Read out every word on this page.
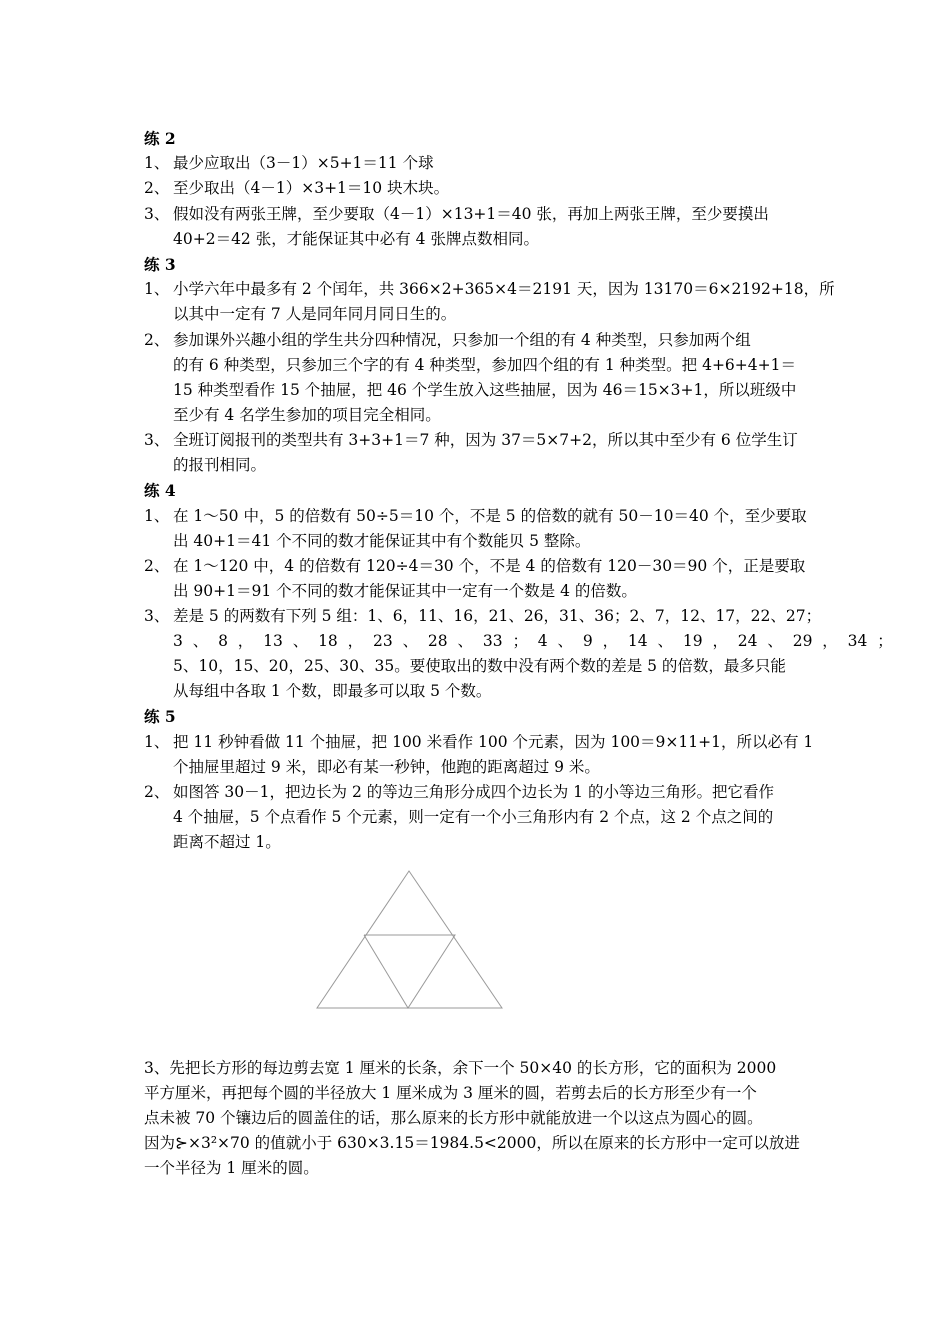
练 2
1、 最少应取出（3－1）×5+1＝11 个球
2、 至少取出（4－1）×3+1＝10 块木块。
3、 假如没有两张王牌，至少要取（4－1）×13+1＝40 张，再加上两张王牌，至少要摸出
40+2＝42 张，才能保证其中必有 4 张牌点数相同。
练 3
1、 小学六年中最多有 2 个闰年，共 366×2+365×4＝2191 天，因为 13170＝6×2192+18，所
以其中一定有 7 人是同年同月同日生的。
2、 参加课外兴趣小组的学生共分四种情况，只参加一个组的有 4 种类型，只参加两个组
的有 6 种类型，只参加三个字的有 4 种类型，参加四个组的有 1 种类型。把 4+6+4+1＝
15 种类型看作 15 个抽屉，把 46 个学生放入这些抽屉，因为 46＝15×3+1，所以班级中
至少有 4 名学生参加的项目完全相同。
3、 全班订阅报刊的类型共有 3+3+1＝7 种，因为 37＝5×7+2，所以其中至少有 6 位学生订
的报刊相同。
练 4
1、 在 1～50 中，5 的倍数有 50÷5＝10 个，不是 5 的倍数的就有 50－10＝40 个，至少要取
出 40+1＝41 个不同的数才能保证其中有个数能贝 5 整除。
2、 在 1～120 中，4 的倍数有 120÷4＝30 个，不是 4 的倍数有 120－30＝90 个，正是要取
出 90+1＝91 个不同的数才能保证其中一定有一个数是 4 的倍数。
3、 差是 5 的两数有下列 5 组：1、6，11、16，21、26，31、36；2、7，12、17，22、27；
3  、  8  ，  13  、  18  ，  23  、  28  、  33  ；  4  、  9  ，  14  、  19  ，  24  、  29  ，  34  ；
5、10，15、20，25、30、35。要使取出的数中没有两个数的差是 5 的倍数，最多只能
从每组中各取 1 个数，即最多可以取 5 个数。
练 5
1、 把 11 秒钟看做 11 个抽屉，把 100 米看作 100 个元素，因为 100＝9×11+1，所以必有 1
个抽屉里超过 9 米，即必有某一秒钟，他跑的距离超过 9 米。
2、 如图答 30－1，把边长为 2 的等边三角形分成四个边长为 1 的小等边三角形。把它看作
4 个抽屉，5 个点看作 5 个元素，则一定有一个小三角形内有 2 个点，这 2 个点之间的
距离不超过 1。
3、先把长方形的每边剪去宽 1 厘米的长条，余下一个 50×40 的长方形，它的面积为 2000
平方厘米，再把每个圆的半径放大 1 厘米成为 3 厘米的圆，若剪去后的长方形至少有一个
点未被 70 个镶边后的圆盖住的话，那么原来的长方形中就能放进一个以这点为圆心的圆。
因为⊱×3²×70 的值就小于 630×3.15＝1984.5<2000，所以在原来的长方形中一定可以放进
一个半径为 1 厘米的圆。
